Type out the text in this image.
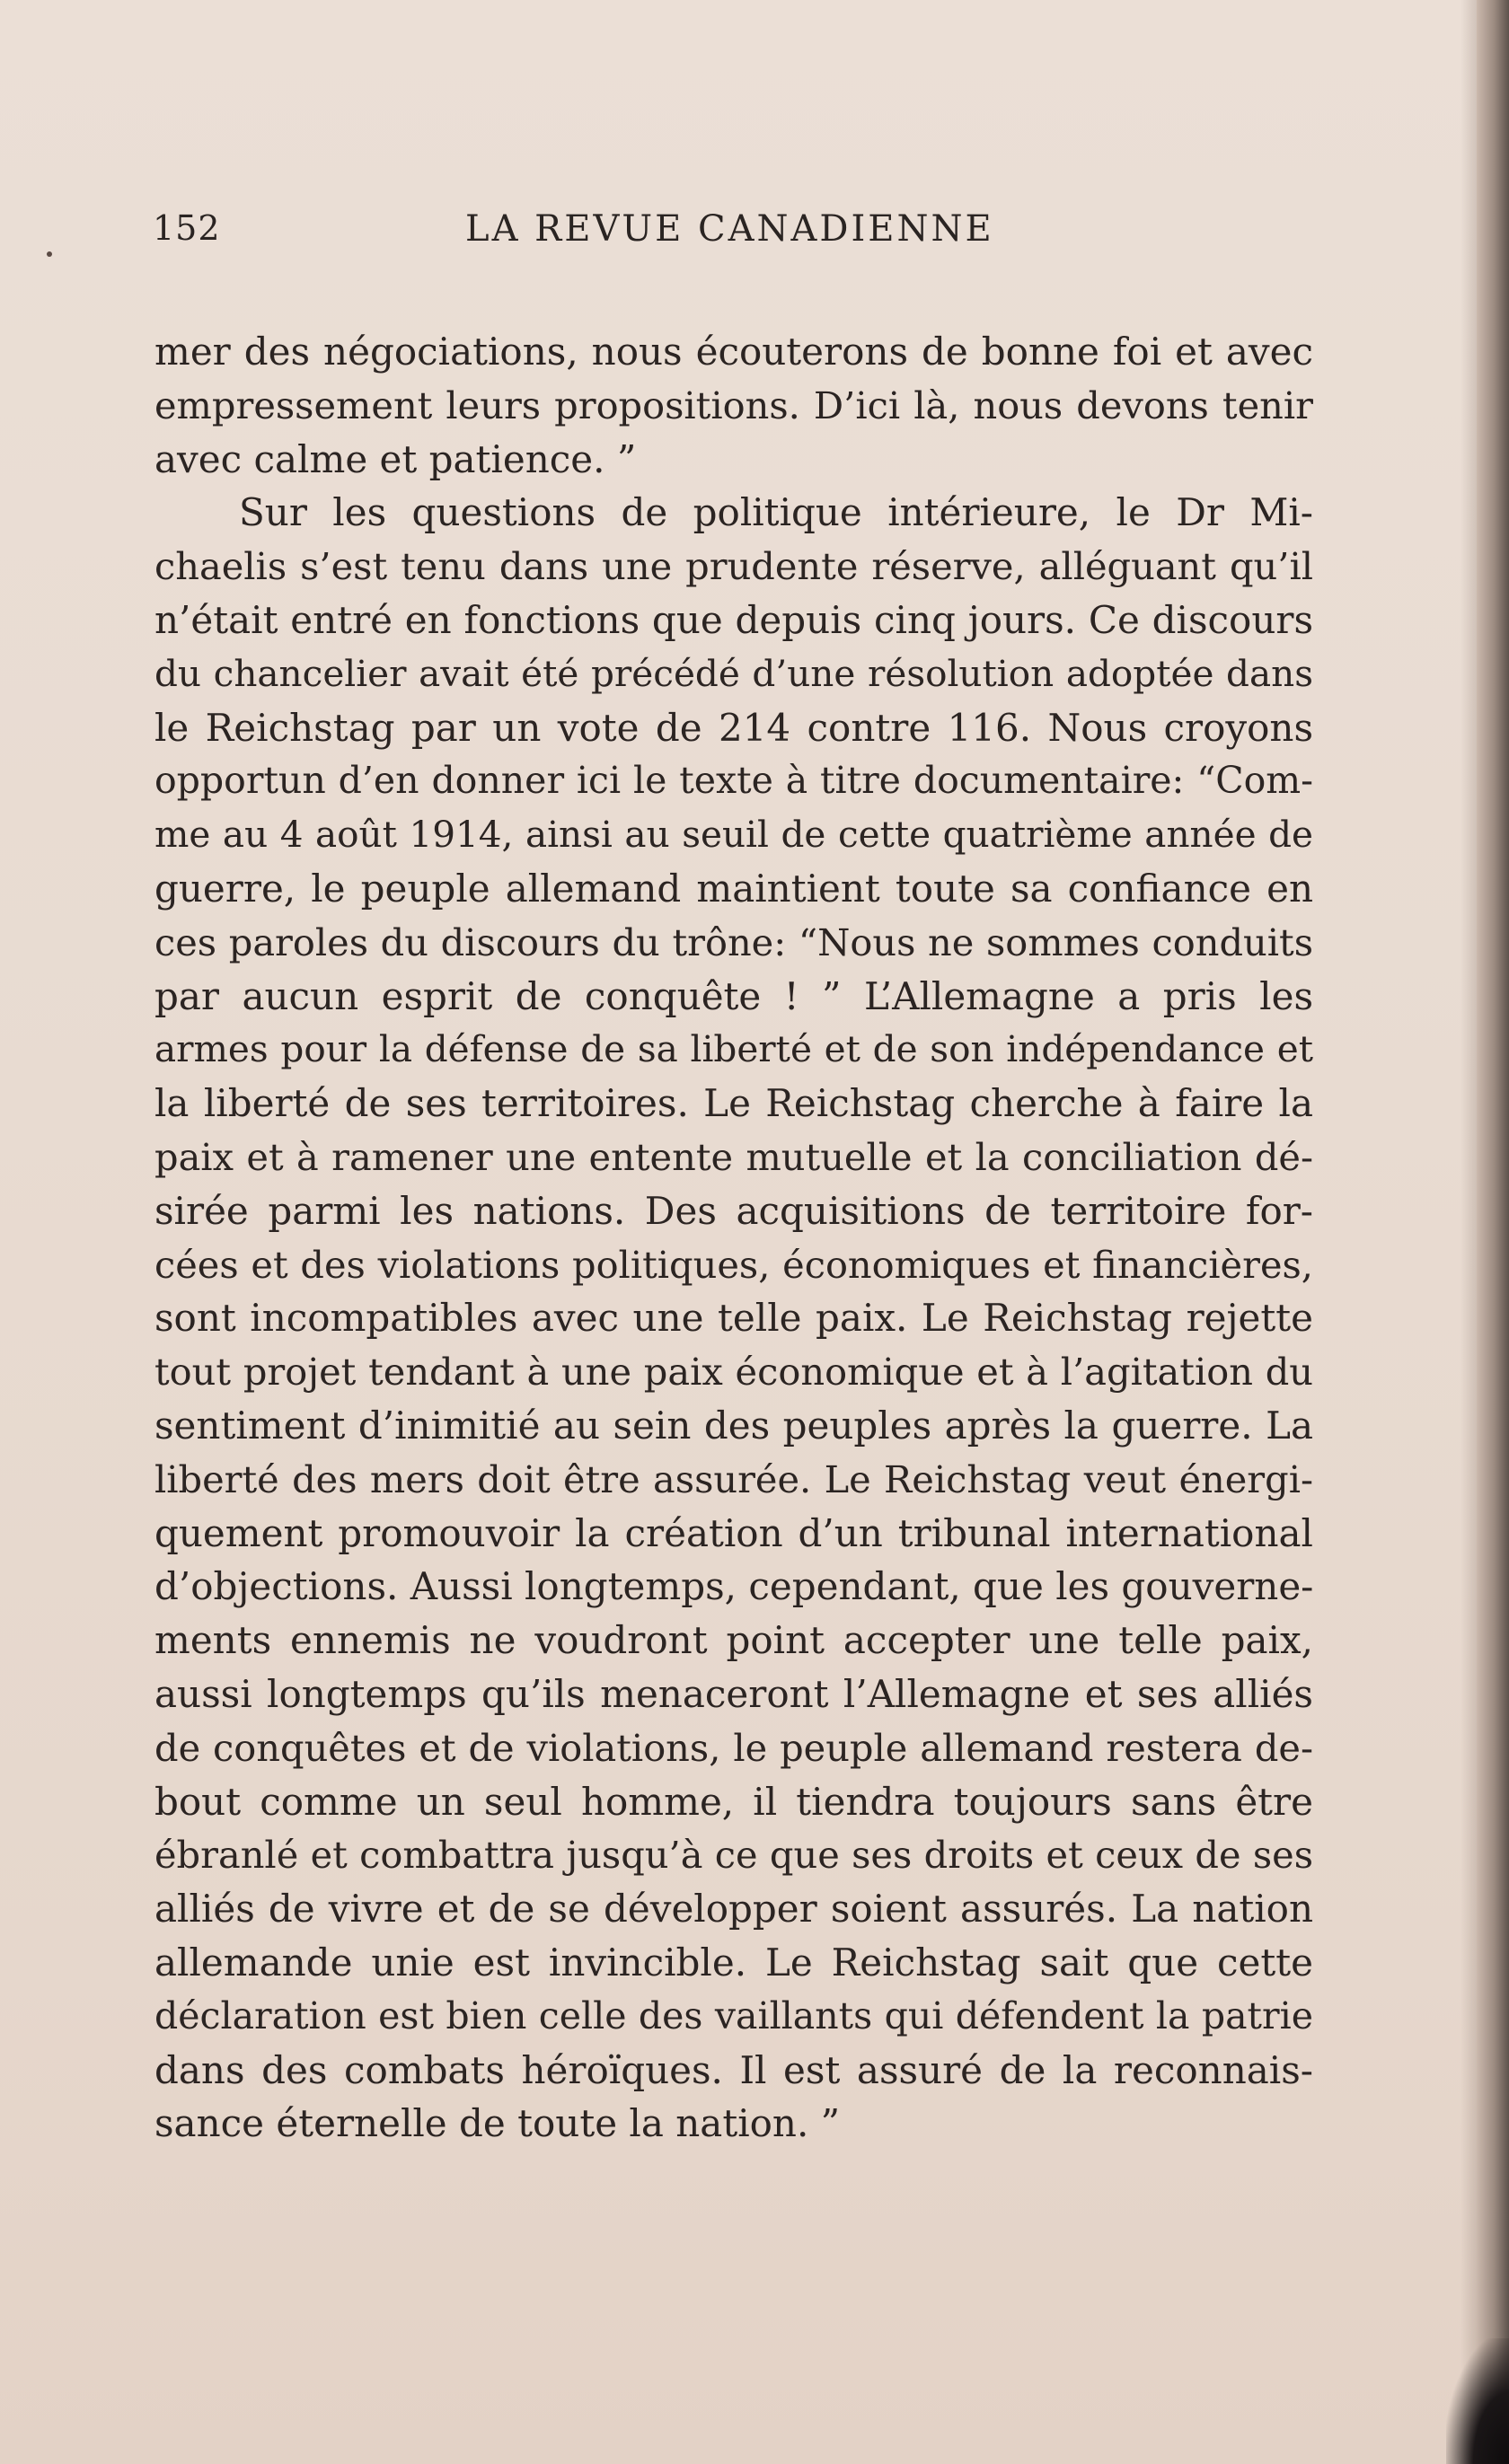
152	LA REVUE CANADIENNE
mer des négociations, nous écouterons de bonne foi et avec
empressement leurs propositions. D’ici là, nous devons tenir
avec calme et patience. ”
Sur les questions de politique intérieure, le Dr Mi-
chaelis s’est tenu dans une prudente réserve, alléguant qu’il
n’était entré en fonctions que depuis cinq jours. Ce discours
du chancelier avait été précédé d’une résolution adoptée dans
le Reichstag par un vote de 214 contre 116. Nous croyons
opportun d’en donner ici le texte à titre documentaire: “Com-
me au 4 août 1914, ainsi au seuil de cette quatrième année de
guerre, le peuple allemand maintient toute sa confiance en
ces paroles du discours du trône: “Nous ne sommes conduits
par aucun esprit de conquête ! ” L’Allemagne a pris les
armes pour la défense de sa liberté et de son indépendance et
la liberté de ses territoires. Le Reichstag cherche à faire la
paix et à ramener une entente mutuelle et la conciliation dé-
sirée parmi les nations. Des acquisitions de territoire for-
cées et des violations politiques, économiques et financières,
sont incompatibles avec une telle paix. Le Reichstag rejette
tout projet tendant à une paix économique et à l’agitation du
sentiment d’inimitié au sein des peuples après la guerre. La
liberté des mers doit être assurée. Le Reichstag veut énergi-
quement promouvoir la création d’un tribunal international
d’objections. Aussi longtemps, cependant, que les gouverne-
ments ennemis ne voudront point accepter une telle paix,
aussi longtemps qu’ils menaceront l’Allemagne et ses alliés
de conquêtes et de violations, le peuple allemand restera de-
bout comme un seul homme, il tiendra toujours sans être
ébranlé et combattra jusqu’à ce que ses droits et ceux de ses
alliés de vivre et de se développer soient assurés. La nation
allemande unie est invincible. Le Reichstag sait que cette
déclaration est bien celle des vaillants qui défendent la patrie
dans des combats héroïques. Il est assuré de la reconnais-
sance éternelle de toute la nation. ”
